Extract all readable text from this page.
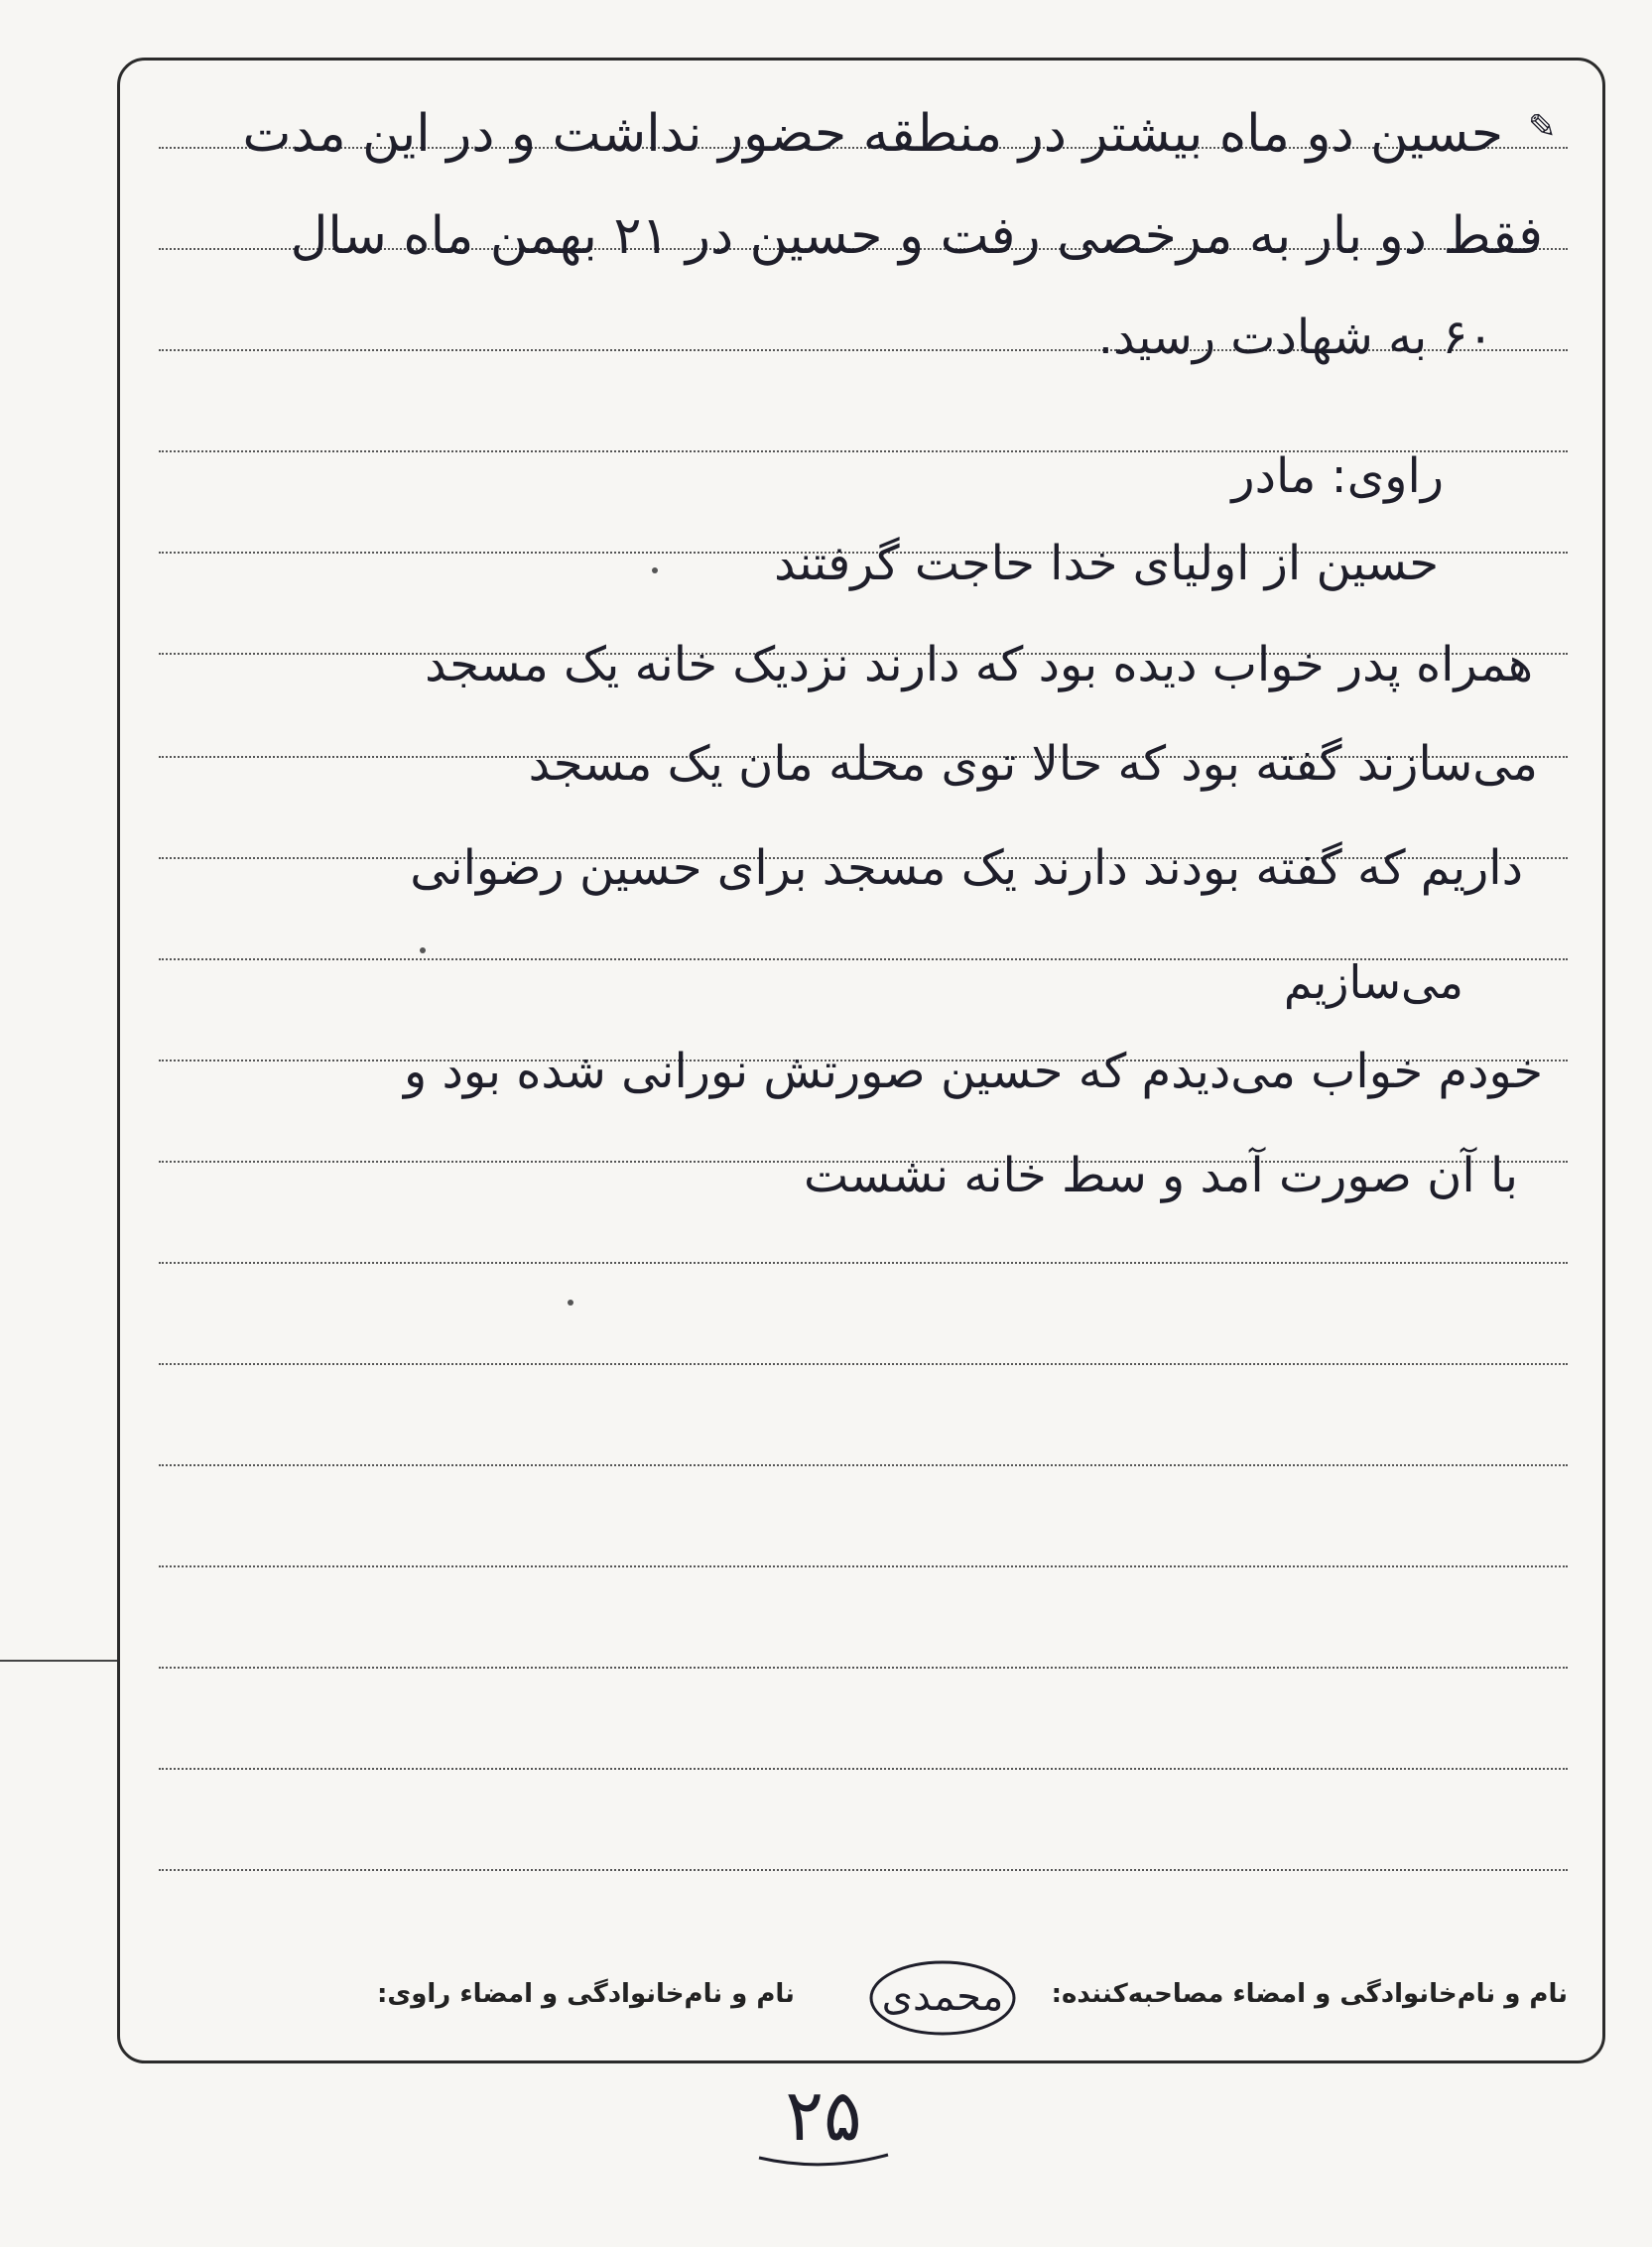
✎
حسین دو ماه بیشتر در منطقه حضور نداشت و در این مدت
فقط دو بار به مرخصی رفت و حسین در ۲۱ بهمن ماه سال
۶۰ به شهادت رسید.
راوی: مادر
حسین از اولیای خدا حاجت گرفتند
همراه پدر خواب دیده بود که دارند نزدیک خانه یک مسجد
می‌سازند گفته بود که حالا توی محله مان یک مسجد
داریم که گفته بودند دارند یک مسجد برای حسین رضوانی
می‌سازیم
خودم خواب می‌دیدم که حسین صورتش نورانی شده بود و
با آن صورت آمد و سط خانه نشست
نام و نام‌خانوادگی و امضاء مصاحبه‌کننده:
نام و نام‌خانوادگی و امضاء راوی:	محمدی
۲۵
